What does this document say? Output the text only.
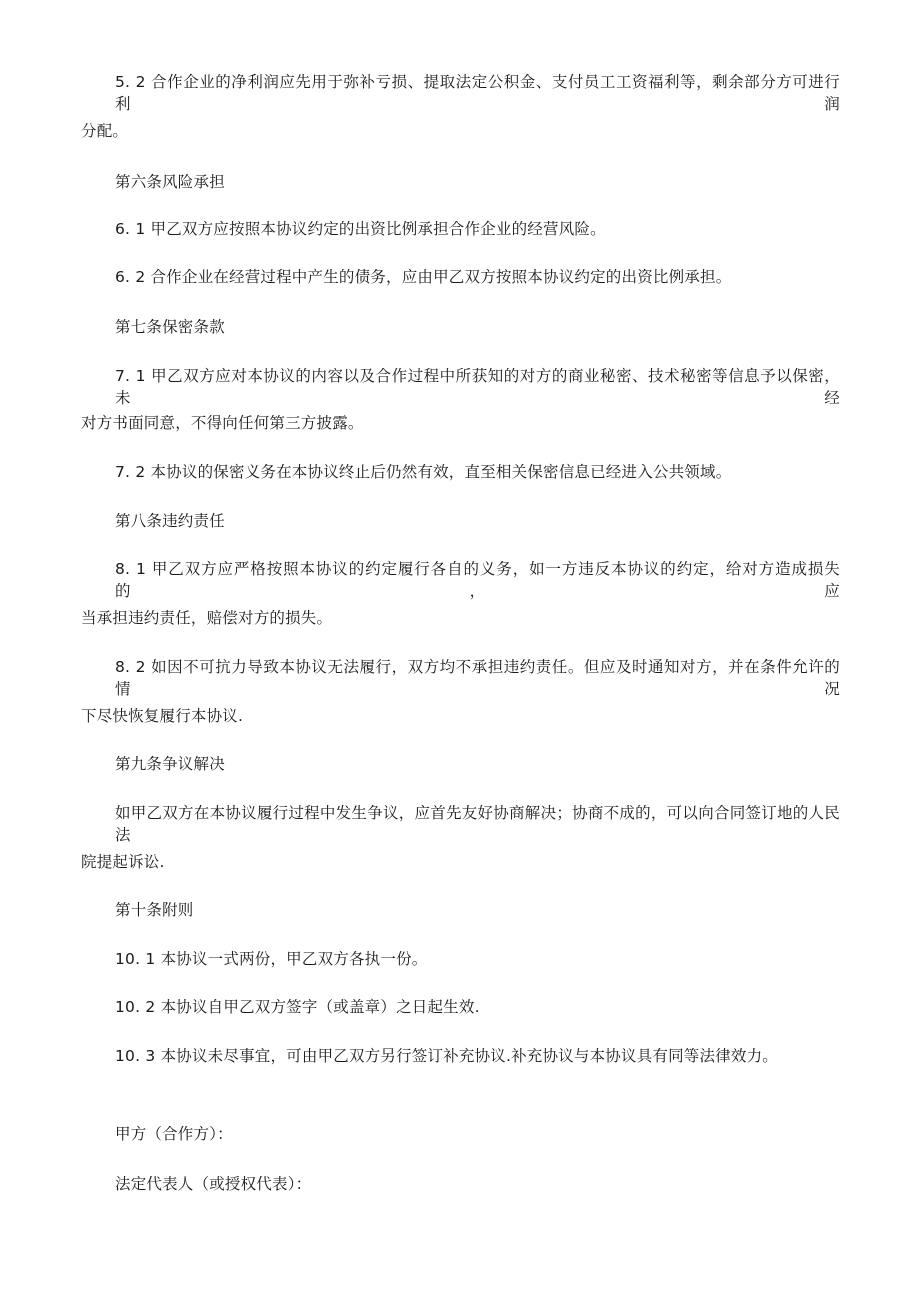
5. 2 合作企业的净利润应先用于弥补亏损、提取法定公积金、支付员工工资福利等，剩余部分方可进行利润
分配。
第六条风险承担
6. 1 甲乙双方应按照本协议约定的出资比例承担合作企业的经营风险。
6. 2 合作企业在经营过程中产生的债务，应由甲乙双方按照本协议约定的出资比例承担。
第七条保密条款
7. 1 甲乙双方应对本协议的内容以及合作过程中所获知的对方的商业秘密、技术秘密等信息予以保密，未经
对方书面同意，不得向任何第三方披露。
7. 2 本协议的保密义务在本协议终止后仍然有效，直至相关保密信息已经进入公共领域。
第八条违约责任
8. 1 甲乙双方应严格按照本协议的约定履行各自的义务，如一方违反本协议的约定，给对方造成损失的，应
当承担违约责任，赔偿对方的损失。
8. 2 如因不可抗力导致本协议无法履行，双方均不承担违约责任。但应及时通知对方，并在条件允许的情况
下尽快恢复履行本协议.
第九条争议解决
如甲乙双方在本协议履行过程中发生争议，应首先友好协商解决；协商不成的，可以向合同签订地的人民法
院提起诉讼.
第十条附则
10. 1 本协议一式两份，甲乙双方各执一份。
10. 2 本协议自甲乙双方签字（或盖章）之日起生效.
10. 3 本协议未尽事宜，可由甲乙双方另行签订补充协议.补充协议与本协议具有同等法律效力。
甲方（合作方）：
法定代表人（或授权代表）：
